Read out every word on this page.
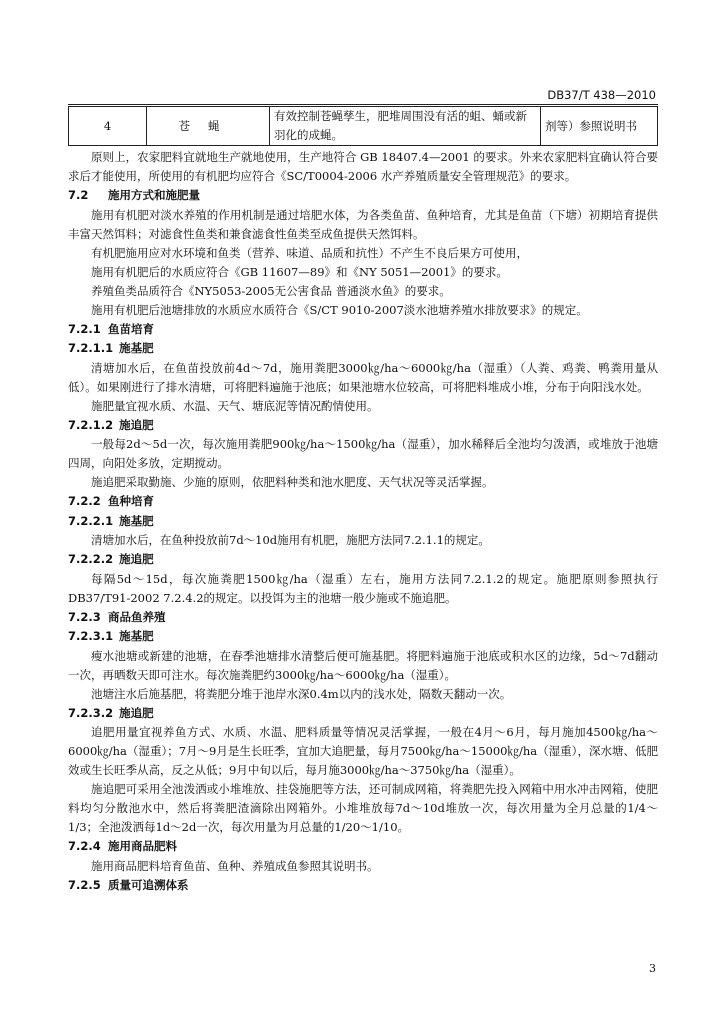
DB37/T 438—2010
4	苍蝇	有效控制苍蝇孳生，肥堆周围没有活的蛆、蛹或新羽化的成蝇。	剂等）参照说明书

原则上，农家肥料宜就地生产就地使用，生产地符合 GB 18407.4—2001 的要求。外来农家肥料宜确认符合要求后才能使用，所使用的有机肥均应符合《SC/T0004-2006 水产养殖质量安全管理规范》的要求。

7.2 施用方式和施肥量

施用有机肥对淡水养殖的作用机制是通过培肥水体，为各类鱼苗、鱼种培育，尤其是鱼苗（下塘）初期培育提供丰富天然饵料；对滤食性鱼类和兼食滤食性鱼类至成鱼提供天然饵料。

有机肥施用应对水环境和鱼类（营养、味道、品质和抗性）不产生不良后果方可使用，

施用有机肥后的水质应符合《GB 11607—89》和《NY 5051—2001》的要求。

养殖鱼类品质符合《NY5053-2005无公害食品 普通淡水鱼》的要求。

施用有机肥后池塘排放的水质应水质符合《S/CT 9010-2007淡水池塘养殖水排放要求》的规定。

7.2.1 鱼苗培育

7.2.1.1 施基肥

清塘加水后，在鱼苗投放前4d～7d，施用粪肥3000㎏/ha～6000㎏/ha（湿重）（人粪、鸡粪、鸭粪用量从低）。如果刚进行了排水清塘，可将肥料遍施于池底；如果池塘水位较高，可将肥料堆成小堆，分布于向阳浅水处。

施肥量宜视水质、水温、天气、塘底泥等情况酌情使用。

7.2.1.2 施追肥

一般每2d～5d一次，每次施用粪肥900㎏/ha～1500㎏/ha（湿重），加水稀释后全池均匀泼洒，或堆放于池塘四周，向阳处多放，定期搅动。

施追肥采取勤施、少施的原则，依肥料种类和池水肥度、天气状况等灵活掌握。

7.2.2 鱼种培育

7.2.2.1 施基肥

清塘加水后，在鱼种投放前7d～10d施用有机肥，施肥方法同7.2.1.1的规定。

7.2.2.2 施追肥

每隔5d～15d，每次施粪肥1500㎏/ha（湿重）左右，施用方法同7.2.1.2的规定。施肥原则参照执行DB37/T91-2002 7.2.4.2的规定。以投饵为主的池塘一般少施或不施追肥。

7.2.3 商品鱼养殖

7.2.3.1 施基肥

瘦水池塘或新建的池塘，在春季池塘排水清整后便可施基肥。将肥料遍施于池底或积水区的边缘，5d～7d翻动一次，再晒数天即可注水。每次施粪肥约3000㎏/ha～6000㎏/ha（湿重）。

池塘注水后施基肥，将粪肥分堆于池岸水深0.4m以内的浅水处，隔数天翻动一次。

7.2.3.2 施追肥

追肥用量宜视养鱼方式、水质、水温、肥料质量等情况灵活掌握，一般在4月～6月，每月施加4500㎏/ha～6000㎏/ha（湿重）；7月～9月是生长旺季，宜加大追肥量，每月7500㎏/ha～15000㎏/ha（湿重），深水塘、低肥效或生长旺季从高，反之从低；9月中旬以后，每月施3000㎏/ha～3750㎏/ha（湿重）。

施追肥可采用全池泼洒或小堆堆放、挂袋施肥等方法，还可制成网箱，将粪肥先投入网箱中用水冲击网箱，使肥料均匀分散池水中，然后将粪肥渣滴除出网箱外。小堆堆放每7d～10d堆放一次，每次用量为全月总量的1/4～1/3；全池泼洒每1d～2d一次，每次用量为月总量的1/20～1/10。

7.2.4 施用商品肥料

施用商品肥料培育鱼苗、鱼种、养殖成鱼参照其说明书。

7.2.5 质量可追溯体系

3
